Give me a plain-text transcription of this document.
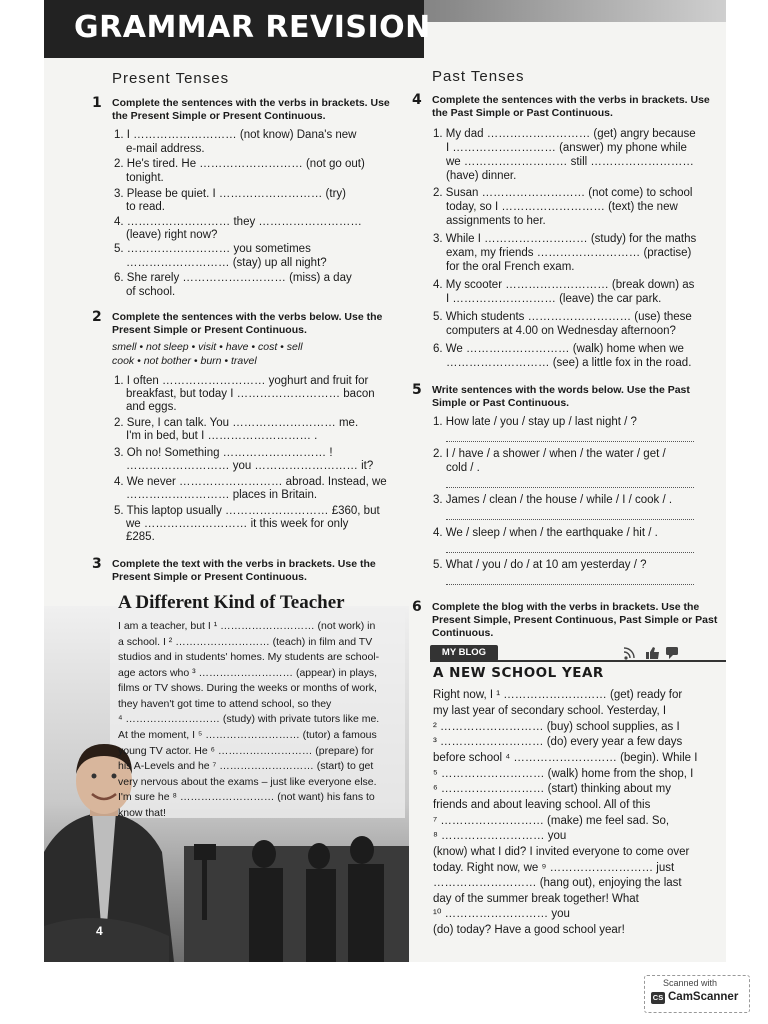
GRAMMAR REVISION
Present Tenses	Past Tenses
1 Complete the sentences with the verbs in brackets. Use the Present Simple or Present Continuous.
1. I ……………………… (not know) Dana's new
e-mail address.
2. He's tired. He ……………………… (not go out)
tonight.
3. Please be quiet. I ……………………… (try)
to read.
4. ……………………… they ………………………
(leave) right now?
5. ……………………… you sometimes
……………………… (stay) up all night?
6. She rarely ……………………… (miss) a day
of school.
2 Complete the sentences with the verbs below. Use the Present Simple or Present Continuous.
smell • not sleep • visit • have • cost • sell
cook • not bother • burn • travel
1. I often ……………………… yoghurt and fruit for
breakfast, but today I ……………………… bacon
and eggs.
2. Sure, I can talk. You ……………………… me.
I'm in bed, but I ……………………… .
3. Oh no! Something ……………………… !
……………………… you ……………………… it?
4. We never ……………………… abroad. Instead, we
……………………… places in Britain.
5. This laptop usually ……………………… £360, but
we ……………………… it this week for only
£285.
3 Complete the text with the verbs in brackets. Use the Present Simple or Present Continuous.
A Different Kind of Teacher
I am a teacher, but I ¹ ……………………… (not work) in
a school. I ² ……………………… (teach) in film and TV
studios and in students' homes. My students are school-
age actors who ³ ……………………… (appear) in plays,
films or TV shows. During the weeks or months of work,
they haven't got time to attend school, so they
⁴ ……………………… (study) with private tutors like me.
At the moment, I ⁵ ……………………… (tutor) a famous
young TV actor. He ⁶ ……………………… (prepare) for
his A-Levels and he ⁷ ……………………… (start) to get
very nervous about the exams – just like everyone else.
I'm sure he ⁸ ……………………… (not want) his fans to
know that!
4
4 Complete the sentences with the verbs in brackets. Use the Past Simple or Past Continuous.
1. My dad ……………………… (get) angry because
I ……………………… (answer) my phone while
we ……………………… still ………………………
(have) dinner.
2. Susan ……………………… (not come) to school
today, so I ……………………… (text) the new
assignments to her.
3. While I ……………………… (study) for the maths
exam, my friends ……………………… (practise)
for the oral French exam.
4. My scooter ……………………… (break down) as
I ……………………… (leave) the car park.
5. Which students ……………………… (use) these
computers at 4.00 on Wednesday afternoon?
6. We ……………………… (walk) home when we
……………………… (see) a little fox in the road.
5 Write sentences with the words below. Use the Past Simple or Past Continuous.
1. How late / you / stay up / last night / ?
2. I / have / a shower / when / the water / get /
cold / .
3. James / clean / the house / while / I / cook / .
4. We / sleep / when / the earthquake / hit / .
5. What / you / do / at 10 am yesterday / ?
6 Complete the blog with the verbs in brackets. Use the Present Simple, Present Continuous, Past Simple or Past Continuous.
MY BLOG
A NEW SCHOOL YEAR
Right now, I ¹ ……………………… (get) ready for
my last year of secondary school. Yesterday, I
² ……………………… (buy) school supplies, as I
³ ……………………… (do) every year a few days
before school ⁴ ……………………… (begin). While I
⁵ ……………………… (walk) home from the shop, I
⁶ ……………………… (start) thinking about my
friends and about leaving school. All of this
⁷ ……………………… (make) me feel sad. So,
⁸ ……………………… you
(know) what I did? I invited everyone to come over
today. Right now, we ⁹ ……………………… just
……………………… (hang out), enjoying the last
day of the summer break together! What
¹⁰ ……………………… you
(do) today? Have a good school year!
Scanned with
CS CamScanner
